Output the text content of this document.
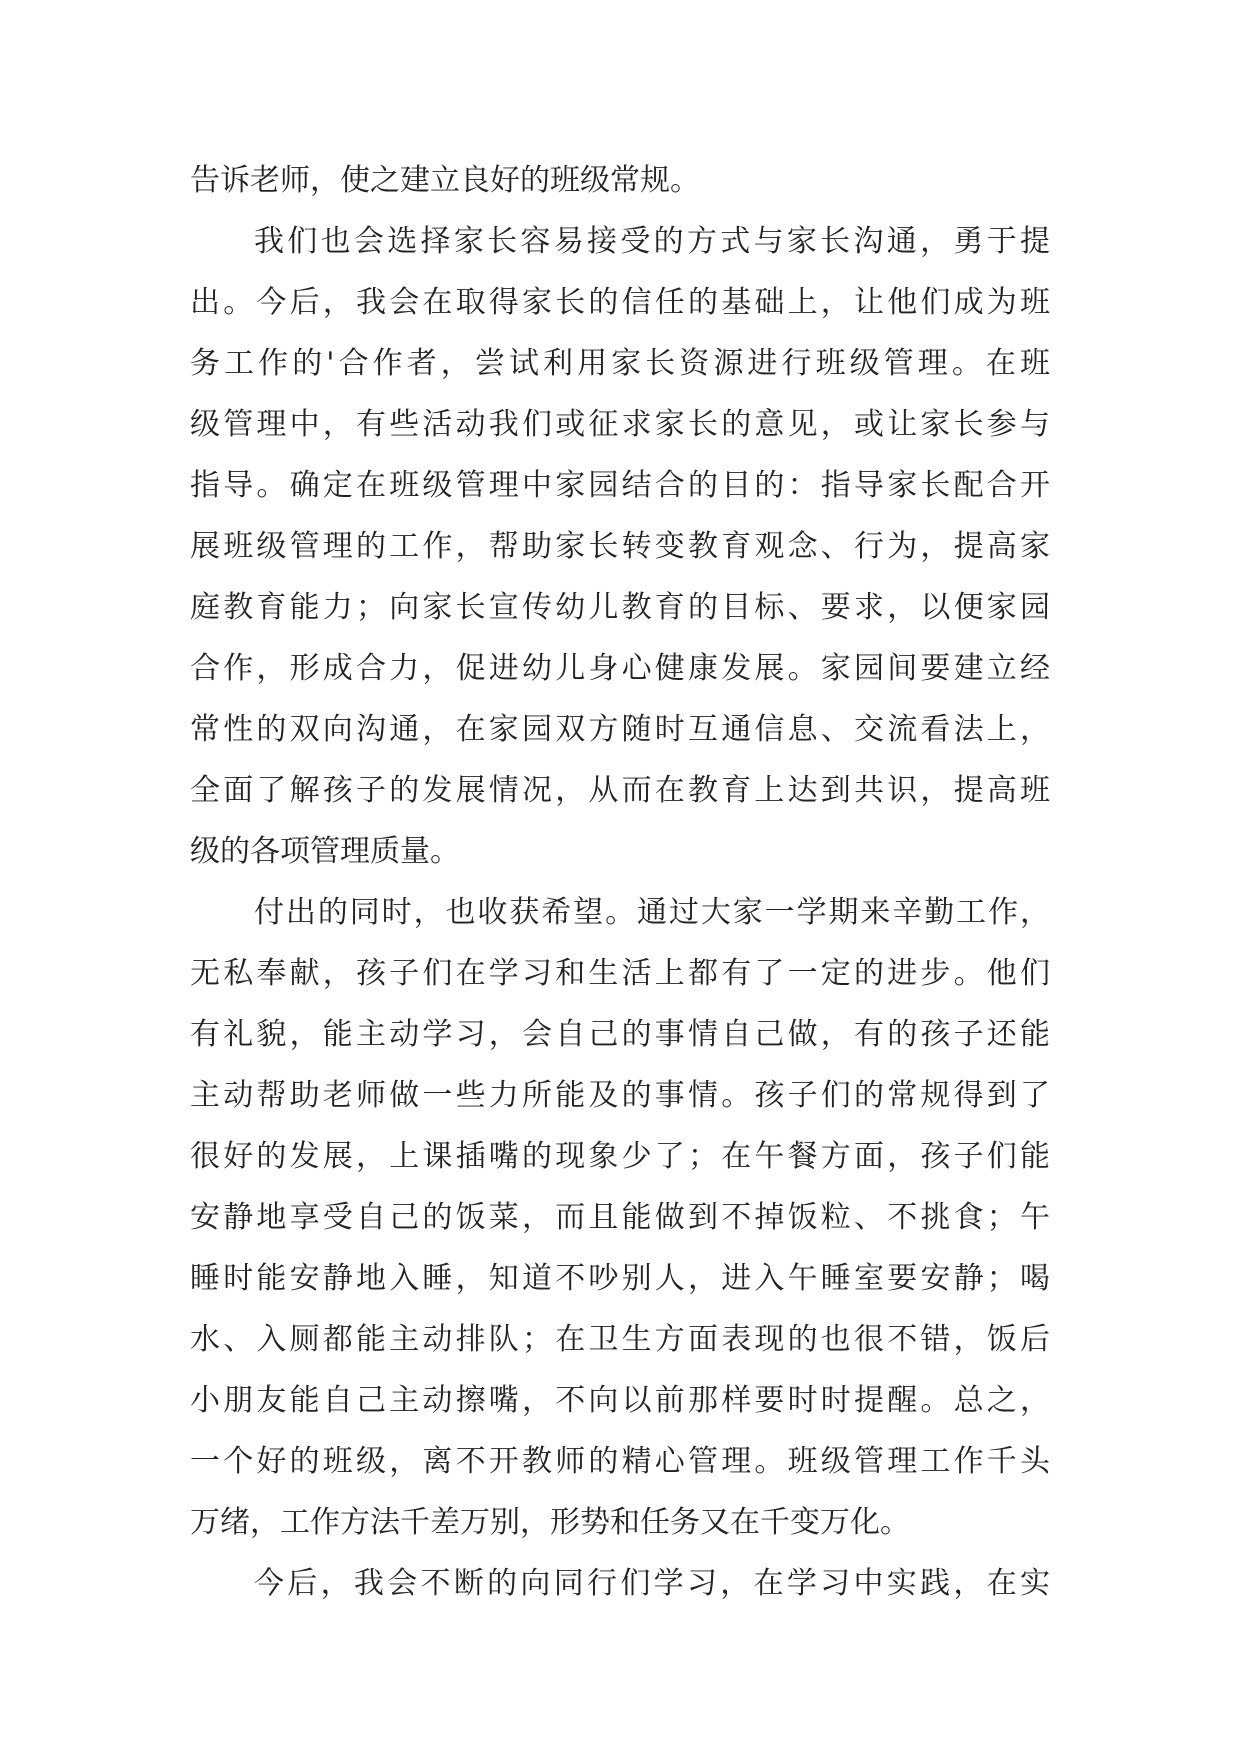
告诉老师，使之建立良好的班级常规。
我们也会选择家长容易接受的方式与家长沟通，勇于提
出。今后，我会在取得家长的信任的基础上，让他们成为班
务工作的'合作者，尝试利用家长资源进行班级管理。在班
级管理中，有些活动我们或征求家长的意见，或让家长参与
指导。确定在班级管理中家园结合的目的：指导家长配合开
展班级管理的工作，帮助家长转变教育观念、行为，提高家
庭教育能力；向家长宣传幼儿教育的目标、要求，以便家园
合作，形成合力，促进幼儿身心健康发展。家园间要建立经
常性的双向沟通，在家园双方随时互通信息、交流看法上，
全面了解孩子的发展情况，从而在教育上达到共识，提高班
级的各项管理质量。
付出的同时，也收获希望。通过大家一学期来辛勤工作，
无私奉献，孩子们在学习和生活上都有了一定的进步。他们
有礼貌，能主动学习，会自己的事情自己做，有的孩子还能
主动帮助老师做一些力所能及的事情。孩子们的常规得到了
很好的发展，上课插嘴的现象少了；在午餐方面，孩子们能
安静地享受自己的饭菜，而且能做到不掉饭粒、不挑食；午
睡时能安静地入睡，知道不吵别人，进入午睡室要安静；喝
水、入厕都能主动排队；在卫生方面表现的也很不错，饭后
小朋友能自己主动擦嘴，不向以前那样要时时提醒。总之，
一个好的班级，离不开教师的精心管理。班级管理工作千头
万绪，工作方法千差万别，形势和任务又在千变万化。
今后，我会不断的向同行们学习，在学习中实践，在实
